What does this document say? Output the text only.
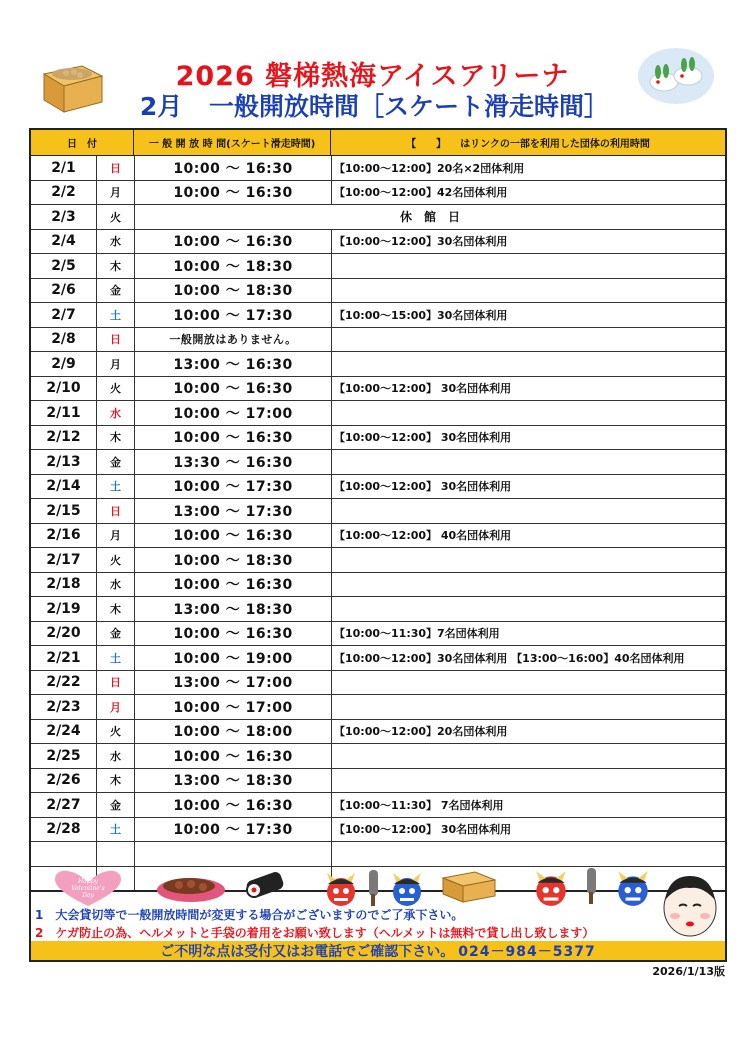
2026 磐梯熱海アイスアリーナ
2月 一般開放時間［スケート滑走時間］
日　付	一 般 開 放 時 間(スケート滑走時間)	【　　】 はリンクの一部を利用した団体の利用時間
2/1	日	10:00 ～ 16:30	【10:00～12:00】20名×2団体利用
2/2	月	10:00 ～ 16:30	【10:00～12:00】42名団体利用
2/3	火	休　館　日
2/4	水	10:00 ～ 16:30	【10:00～12:00】30名団体利用
2/5	木	10:00 ～ 18:30
2/6	金	10:00 ～ 18:30
2/7	土	10:00 ～ 17:30	【10:00～15:00】30名団体利用
2/8	日	一般開放はありません。
2/9	月	13:00 ～ 16:30
2/10	火	10:00 ～ 16:30	【10:00～12:00】 30名団体利用
2/11	水	10:00 ～ 17:00
2/12	木	10:00 ～ 16:30	【10:00～12:00】 30名団体利用
2/13	金	13:30 ～ 16:30
2/14	土	10:00 ～ 17:30	【10:00～12:00】 30名団体利用
2/15	日	13:00 ～ 17:30
2/16	月	10:00 ～ 16:30	【10:00～12:00】 40名団体利用
2/17	火	10:00 ～ 18:30
2/18	水	10:00 ～ 16:30
2/19	木	13:00 ～ 18:30
2/20	金	10:00 ～ 16:30	【10:00～11:30】7名団体利用
2/21	土	10:00 ～ 19:00	【10:00～12:00】30名団体利用 【13:00～16:00】40名団体利用
2/22	日	13:00 ～ 17:00
2/23	月	10:00 ～ 17:00
2/24	火	10:00 ～ 18:00	【10:00～12:00】20名団体利用
2/25	水	10:00 ～ 16:30
2/26	木	13:00 ～ 18:30
2/27	金	10:00 ～ 16:30	【10:00～11:30】 7名団体利用
2/28	土	10:00 ～ 17:30	【10:00～12:00】 30名団体利用
Happy
Valentine's
Day
1　大会貸切等で一般開放時間が変更する場合がございますのでご了承下さい。
2　ケガ防止の為、ヘルメットと手袋の着用をお願い致します（ヘルメットは無料で貸し出し致します）
ご不明な点は受付又はお電話でご確認下さい。 024－984－5377
2026/1/13版
